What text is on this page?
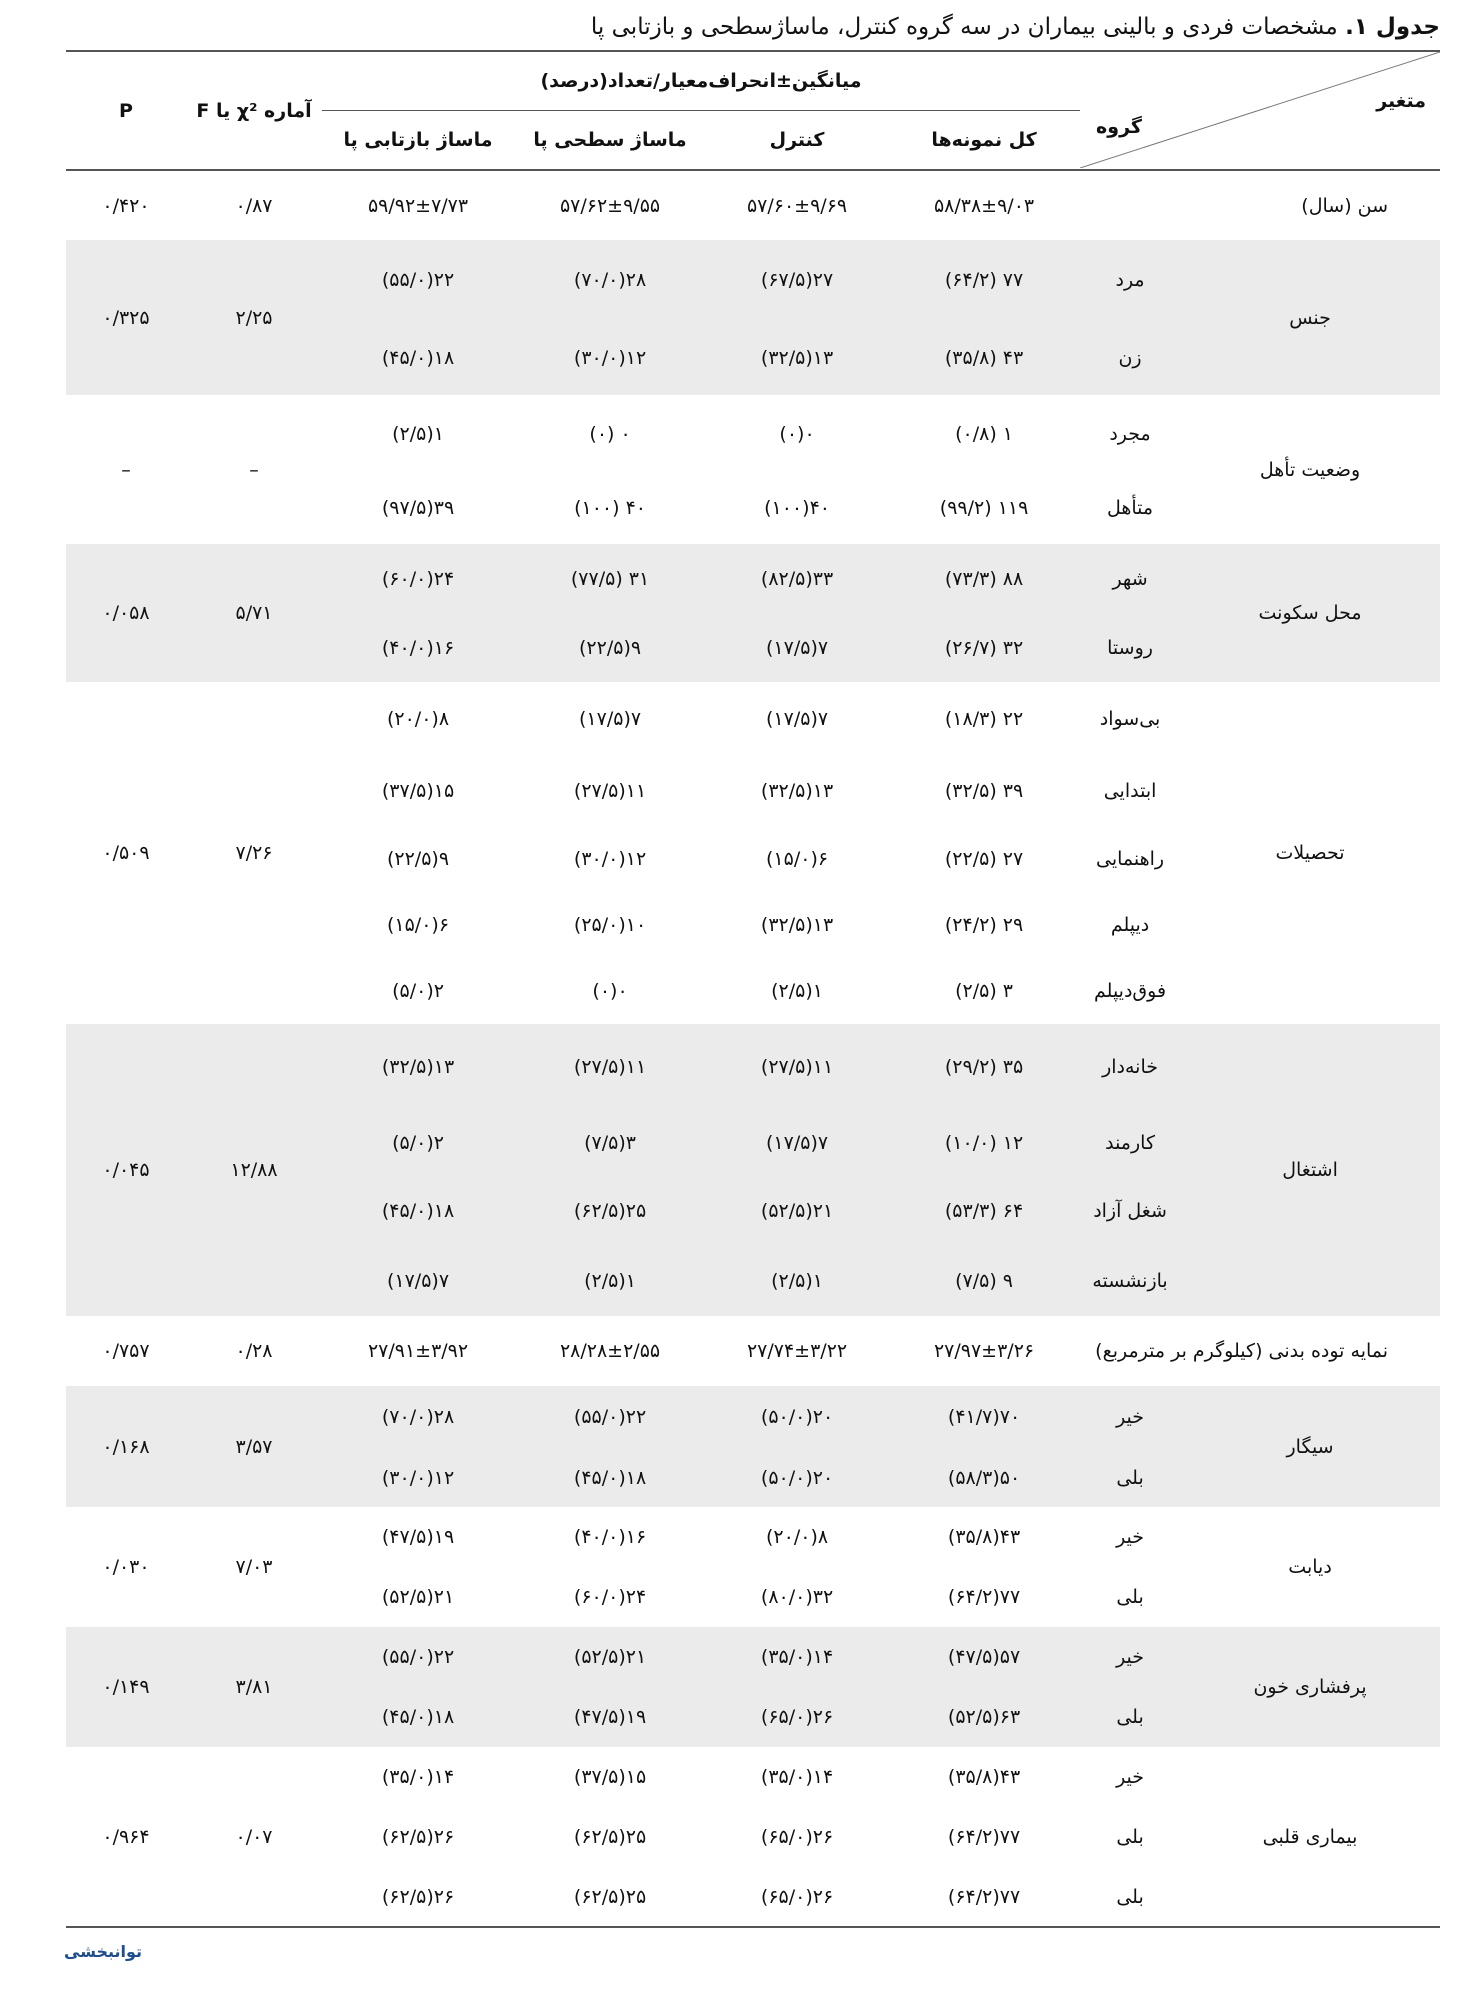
جدول ۱. مشخصات فردی و بالینی بیماران در سه گروه کنترل، ماساژسطحی و بازتابی پا
متغیر
گروه		میانگین±انحراف‌معیار/تعداد(درصد)				آماره χ² یا F	P
		کل نمونه‌ها	کنترل	ماساژ سطحی پا	ماساژ بازتابی پا		
سن (سال)		۵۸/۳۸±۹/۰۳	۵۷/۶۰±۹/۶۹	۵۷/۶۲±۹/۵۵	۵۹/۹۲±۷/۷۳	۰/۸۷	۰/۴۲۰
جنس	مرد	۷۷ (۶۴/۲)	۲۷(۶۷/۵)	۲۸(۷۰/۰)	۲۲(۵۵/۰)	۲/۲۵	۰/۳۲۵
	زن	۴۳ (۳۵/۸)	۱۳(۳۲/۵)	۱۲(۳۰/۰)	۱۸(۴۵/۰)		
وضعیت تأهل	مجرد	۱ (۰/۸)	۰(۰)	۰ (۰)	۱(۲/۵)	–	–
	متأهل	۱۱۹ (۹۹/۲)	۴۰(۱۰۰)	۴۰ (۱۰۰)	۳۹(۹۷/۵)		
محل سکونت	شهر	۸۸ (۷۳/۳)	۳۳(۸۲/۵)	۳۱ (۷۷/۵)	۲۴(۶۰/۰)	۵/۷۱	۰/۰۵۸
	روستا	۳۲ (۲۶/۷)	۷(۱۷/۵)	۹(۲۲/۵)	۱۶(۴۰/۰)		
تحصیلات	بی‌سواد	۲۲ (۱۸/۳)	۷(۱۷/۵)	۷(۱۷/۵)	۸(۲۰/۰)	۷/۲۶	۰/۵۰۹
	ابتدایی	۳۹ (۳۲/۵)	۱۳(۳۲/۵)	۱۱(۲۷/۵)	۱۵(۳۷/۵)		
	راهنمایی	۲۷ (۲۲/۵)	۶(۱۵/۰)	۱۲(۳۰/۰)	۹(۲۲/۵)		
	دیپلم	۲۹ (۲۴/۲)	۱۳(۳۲/۵)	۱۰(۲۵/۰)	۶(۱۵/۰)		
	فوق‌دیپلم	۳ (۲/۵)	۱(۲/۵)	۰(۰)	۲(۵/۰)		
اشتغال	خانه‌دار	۳۵ (۲۹/۲)	۱۱(۲۷/۵)	۱۱(۲۷/۵)	۱۳(۳۲/۵)	۱۲/۸۸	۰/۰۴۵
	کارمند	۱۲ (۱۰/۰)	۷(۱۷/۵)	۳(۷/۵)	۲(۵/۰)		
	شغل آزاد	۶۴ (۵۳/۳)	۲۱(۵۲/۵)	۲۵(۶۲/۵)	۱۸(۴۵/۰)		
	بازنشسته	۹ (۷/۵)	۱(۲/۵)	۱(۲/۵)	۷(۱۷/۵)		
نمایه توده بدنی (کیلوگرم بر مترمربع)		۲۷/۹۷±۳/۲۶	۲۷/۷۴±۳/۲۲	۲۸/۲۸±۲/۵۵	۲۷/۹۱±۳/۹۲	۰/۲۸	۰/۷۵۷
سیگار	خیر	۷۰(۴۱/۷)	۲۰(۵۰/۰)	۲۲(۵۵/۰)	۲۸(۷۰/۰)	۳/۵۷	۰/۱۶۸
	بلی	۵۰(۵۸/۳)	۲۰(۵۰/۰)	۱۸(۴۵/۰)	۱۲(۳۰/۰)		
دیابت	خیر	۴۳(۳۵/۸)	۸(۲۰/۰)	۱۶(۴۰/۰)	۱۹(۴۷/۵)	۷/۰۳	۰/۰۳۰
	بلی	۷۷(۶۴/۲)	۳۲(۸۰/۰)	۲۴(۶۰/۰)	۲۱(۵۲/۵)		
پرفشاری خون	خیر	۵۷(۴۷/۵)	۱۴(۳۵/۰)	۲۱(۵۲/۵)	۲۲(۵۵/۰)	۳/۸۱	۰/۱۴۹
	بلی	۶۳(۵۲/۵)	۲۶(۶۵/۰)	۱۹(۴۷/۵)	۱۸(۴۵/۰)		
بیماری قلبی	خیر	۴۳(۳۵/۸)	۱۴(۳۵/۰)	۱۵(۳۷/۵)	۱۴(۳۵/۰)	۰/۰۷	۰/۹۶۴
	بلی	۷۷(۶۴/۲)	۲۶(۶۵/۰)	۲۵(۶۲/۵)	۲۶(۶۲/۵)		
	بلی	۷۷(۶۴/۲)	۲۶(۶۵/۰)	۲۵(۶۲/۵)	۲۶(۶۲/۵)		
توانبخشی
